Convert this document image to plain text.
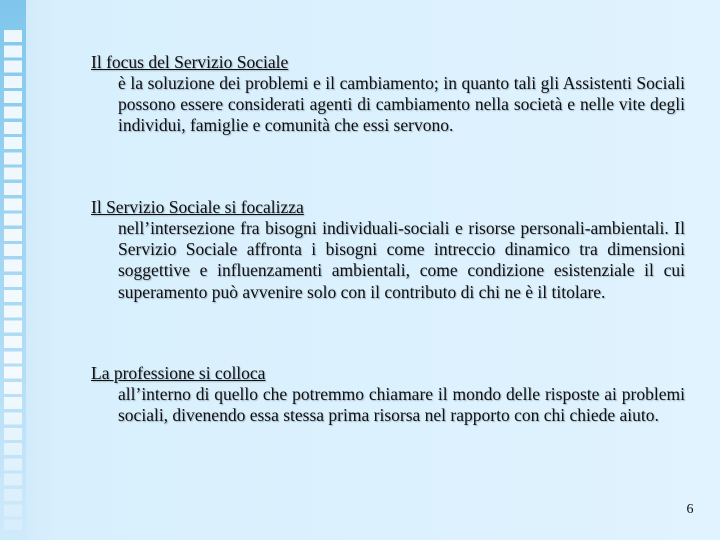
Il focus del Servizio Sociale

è la soluzione dei problemi e il cambiamento; in quanto tali gli Assistenti Sociali possono essere considerati agenti di cambiamento nella società e nelle vite degli individui, famiglie e comunità che essi servono.

Il Servizio Sociale si focalizza

nell’intersezione fra bisogni individuali-sociali e risorse personali-ambientali. Il Servizio Sociale affronta i bisogni come intreccio dinamico tra dimensioni soggettive e influenzamenti ambientali, come condizione esistenziale il cui superamento può avvenire solo con il contributo di chi ne è il titolare.

La professione si colloca

all’interno di quello che potremmo chiamare il mondo delle risposte ai problemi sociali, divenendo essa stessa prima risorsa nel rapporto con chi chiede aiuto.

6
